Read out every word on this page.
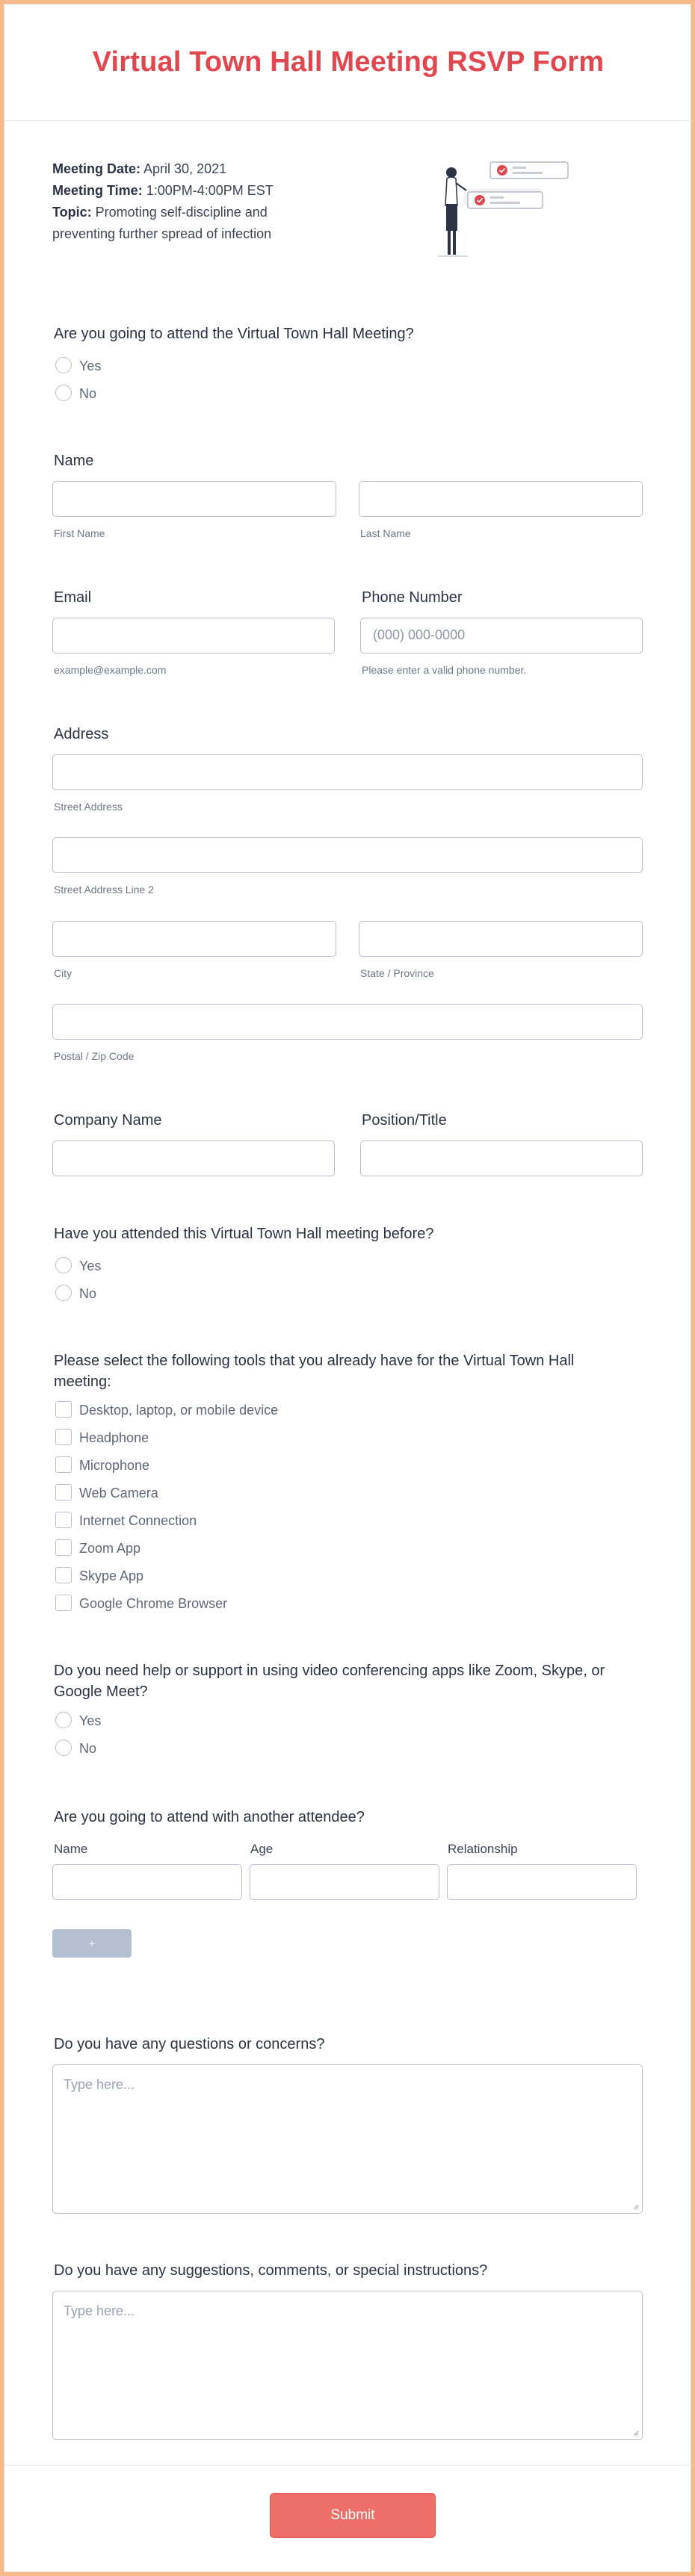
Virtual Town Hall Meeting RSVP Form
Meeting Date: April 30, 2021
Meeting Time: 1:00PM-4:00PM EST
Topic: Promoting self-discipline and
preventing further spread of infection
Are you going to attend the Virtual Town Hall Meeting?
Yes
No
Name
First Name	Last Name
Email
example@example.com
Phone Number
(000) 000-0000
Please enter a valid phone number.
Address
Street Address
Street Address Line 2
City	State / Province
Postal / Zip Code
Company Name	Position/Title
Have you attended this Virtual Town Hall meeting before?
Yes
No
Please select the following tools that you already have for the Virtual Town Hall
meeting:
Desktop, laptop, or mobile device
Headphone
Microphone
Web Camera
Internet Connection
Zoom App
Skype App
Google Chrome Browser
Do you need help or support in using video conferencing apps like Zoom, Skype, or
Google Meet?
Yes
No
Are you going to attend with another attendee?
Name	Age	Relationship
+
Do you have any questions or concerns?
Type here...
Do you have any suggestions, comments, or special instructions?
Type here...
Submit
